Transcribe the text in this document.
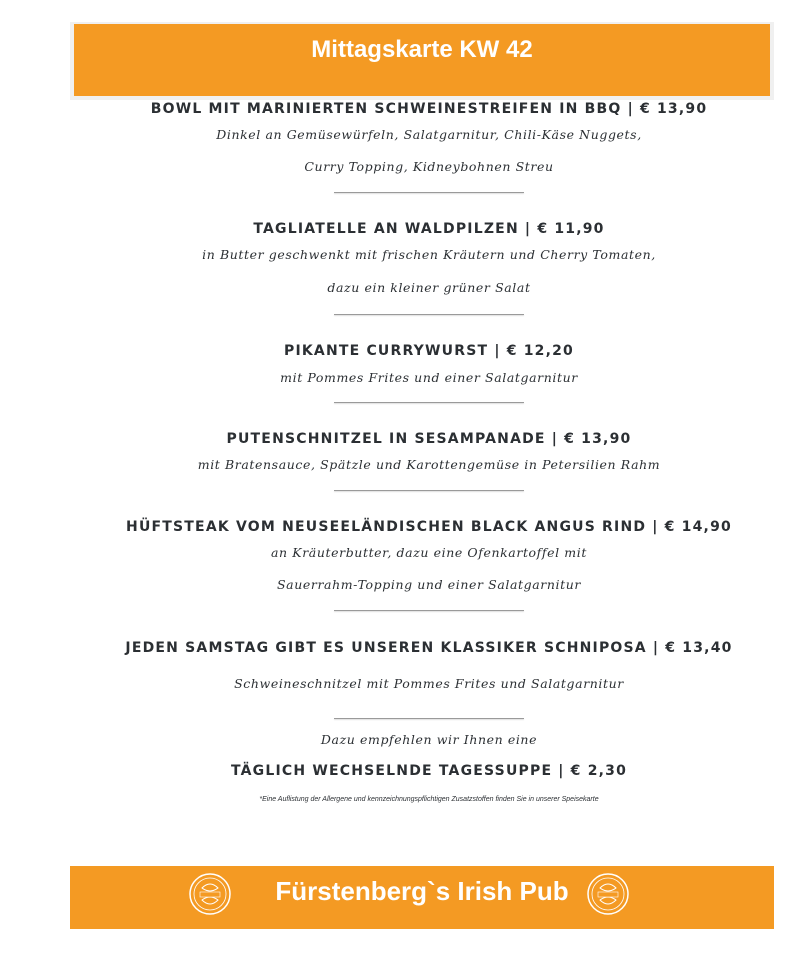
Mittagskarte KW 42
BOWL MIT MARINIERTEN SCHWEINESTREIFEN IN BBQ | € 13,90
Dinkel an Gemüsewürfeln, Salatgarnitur, Chili-Käse Nuggets,
Curry Topping, Kidneybohnen Streu
TAGLIATELLE AN WALDPILZEN | € 11,90
in Butter geschwenkt mit frischen Kräutern und Cherry Tomaten,
dazu ein kleiner grüner Salat
PIKANTE CURRYWURST | € 12,20
mit Pommes Frites und einer Salatgarnitur
PUTENSCHNITZEL IN SESAMPANADE | € 13,90
mit Bratensauce, Spätzle und Karottengemüse in Petersilien Rahm
HÜFTSTEAK VOM NEUSEELÄNDISCHEN BLACK ANGUS RIND | € 14,90
an Kräuterbutter, dazu eine Ofenkartoffel mit
Sauerrahm-Topping und einer Salatgarnitur
JEDEN SAMSTAG GIBT ES UNSEREN KLASSIKER SCHNIPOSA | € 13,40
Schweineschnitzel mit Pommes Frites und Salatgarnitur
Dazu empfehlen wir Ihnen eine
TÄGLICH WECHSELNDE TAGESSUPPE | € 2,30
*Eine Auflistung der Allergene und kennzeichnungspflichtigen Zusatzstoffen finden Sie in unserer Speisekarte
Fürstenberg`s Irish Pub
